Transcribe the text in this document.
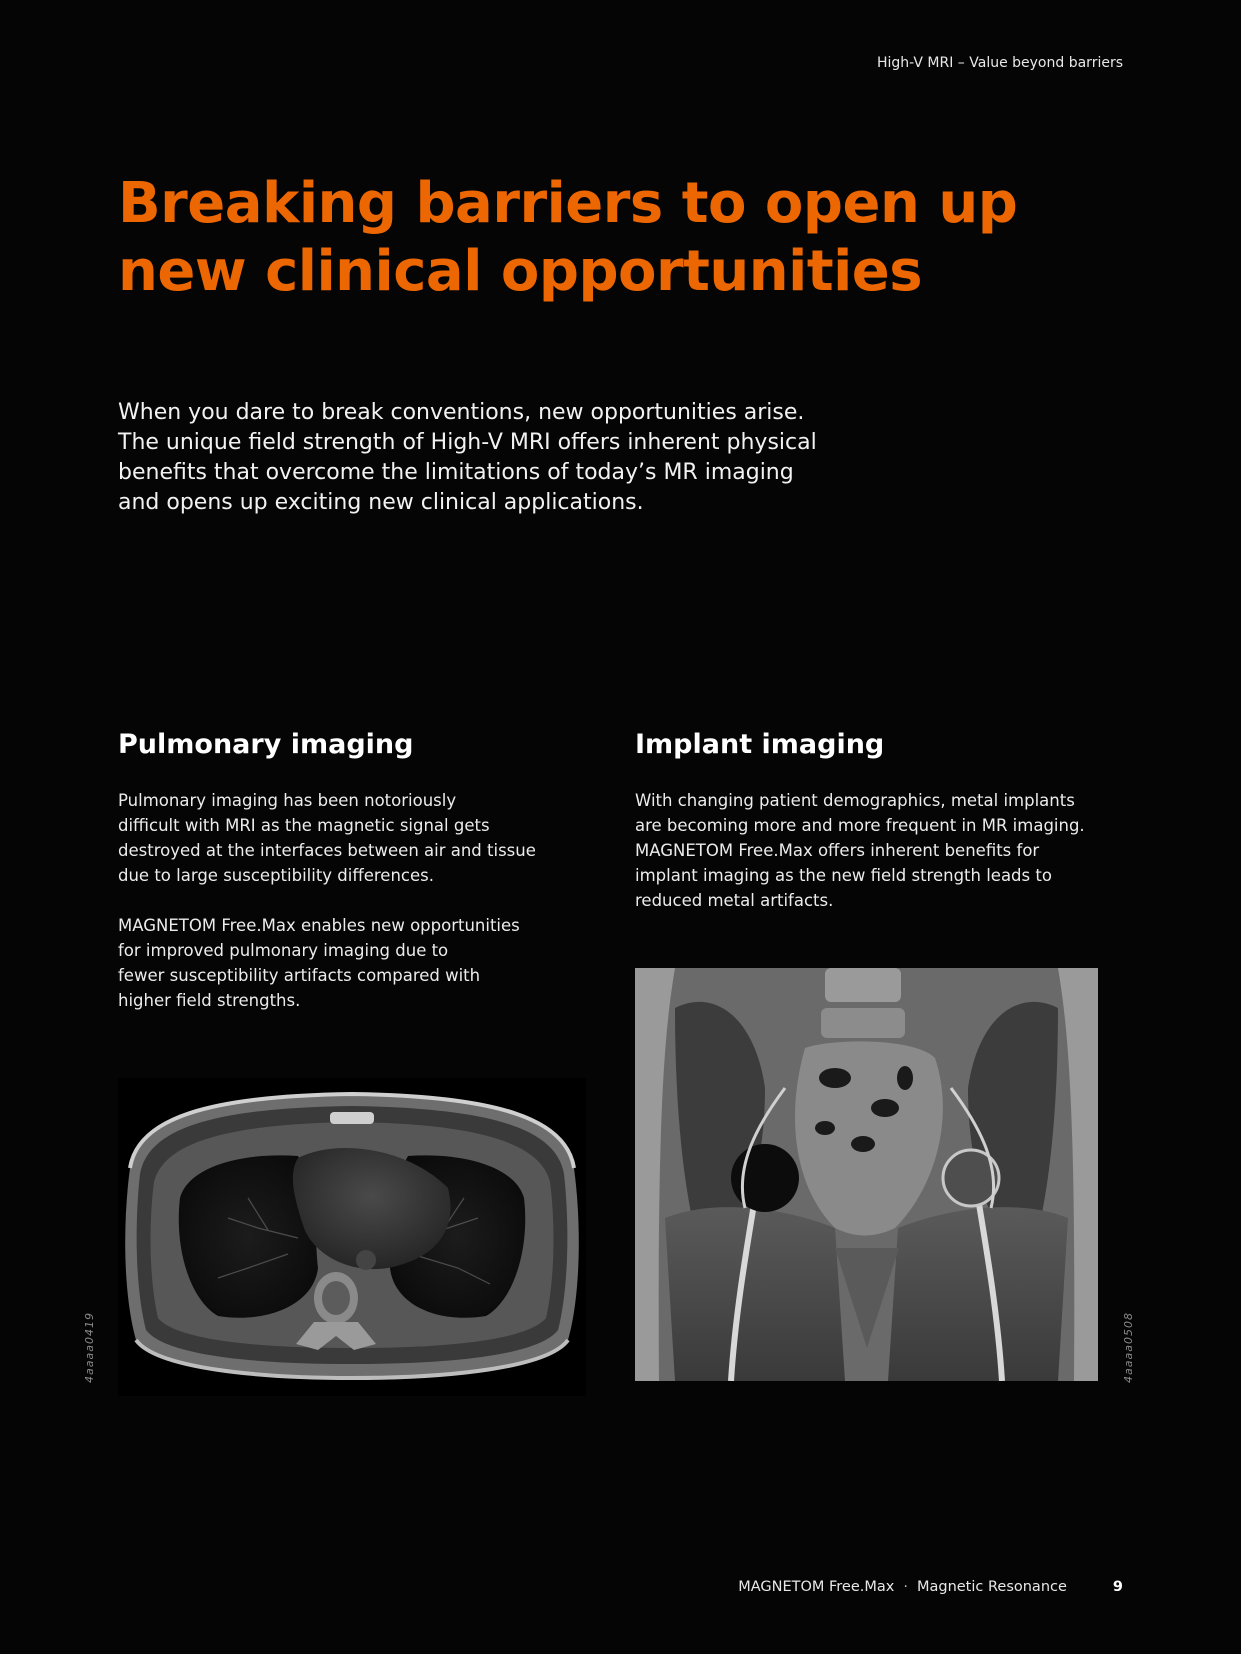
High-V MRI – Value beyond barriers
Breaking barriers to open up
new clinical opportunities

When you dare to break conventions, new opportunities arise.
The unique field strength of High-V MRI offers inherent physical
benefits that overcome the limitations of today’s MR imaging
and opens up exciting new clinical applications.

Pulmonary imaging

Pulmonary imaging has been notoriously
difficult with MRI as the magnetic signal gets
destroyed at the interfaces between air and tissue
due to large susceptibility differences.

MAGNETOM Free.Max enables new opportunities
for improved pulmonary imaging due to
fewer susceptibility artifacts compared with
higher field strengths.

Implant imaging

With changing patient demographics, metal implants
are becoming more and more frequent in MR imaging.
MAGNETOM Free.Max offers inherent benefits for
implant imaging as the new field strength leads to
reduced metal artifacts.

4aaaa0419	4aaaa0508
MAGNETOM Free.Max · Magnetic Resonance	9
